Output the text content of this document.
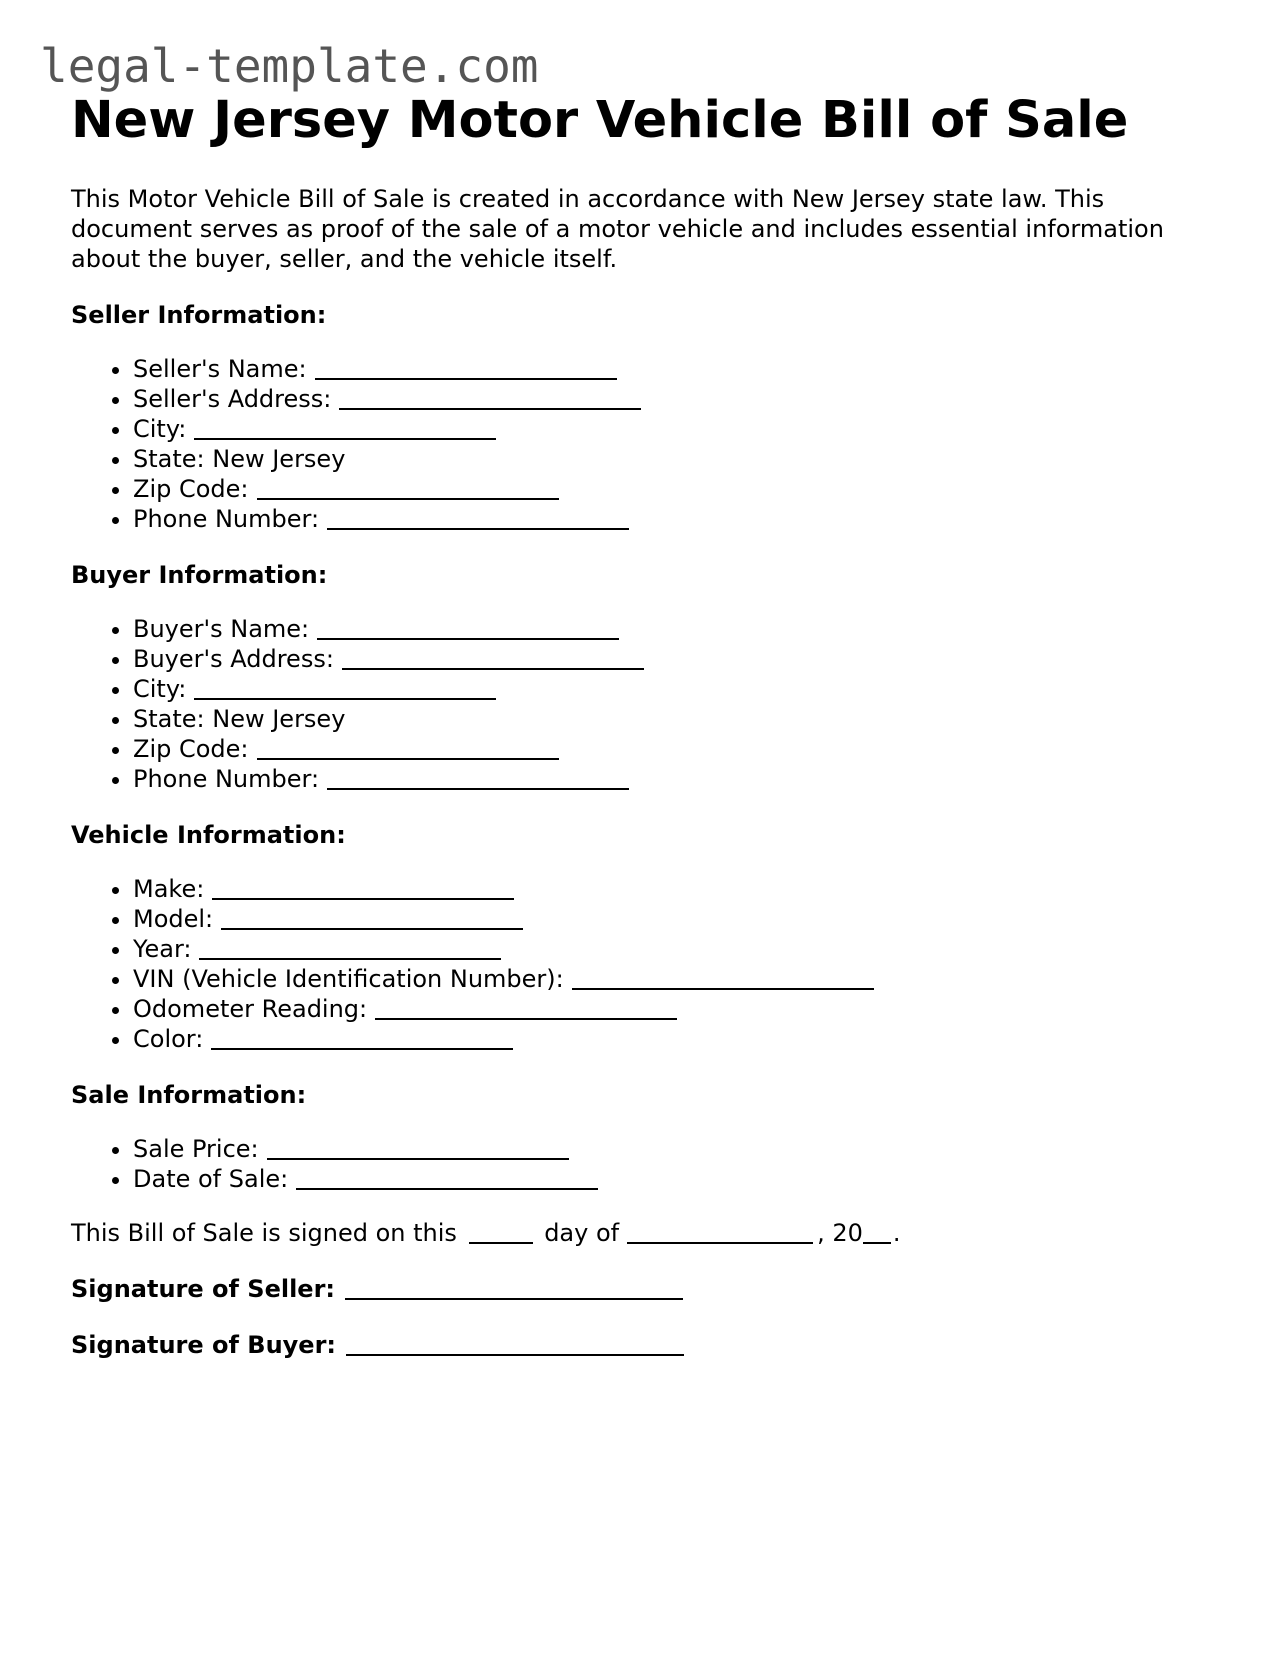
legal-template.com
New Jersey Motor Vehicle Bill of Sale

This Motor Vehicle Bill of Sale is created in accordance with New Jersey state law. This document serves as proof of the sale of a motor vehicle and includes essential information about the buyer, seller, and the vehicle itself.

Seller Information:
• Seller's Name:
• Seller's Address:
• City:
• State: New Jersey
• Zip Code:
• Phone Number:
Buyer Information:
• Buyer's Name:
• Buyer's Address:
• City:
• State: New Jersey
• Zip Code:
• Phone Number:
Vehicle Information:
• Make:
• Model:
• Year:
• VIN (Vehicle Identification Number):
• Odometer Reading:
• Color:
Sale Information:
• Sale Price:
• Date of Sale:
This Bill of Sale is signed on this	day of	, 20 .
Signature of Seller:
Signature of Buyer:
